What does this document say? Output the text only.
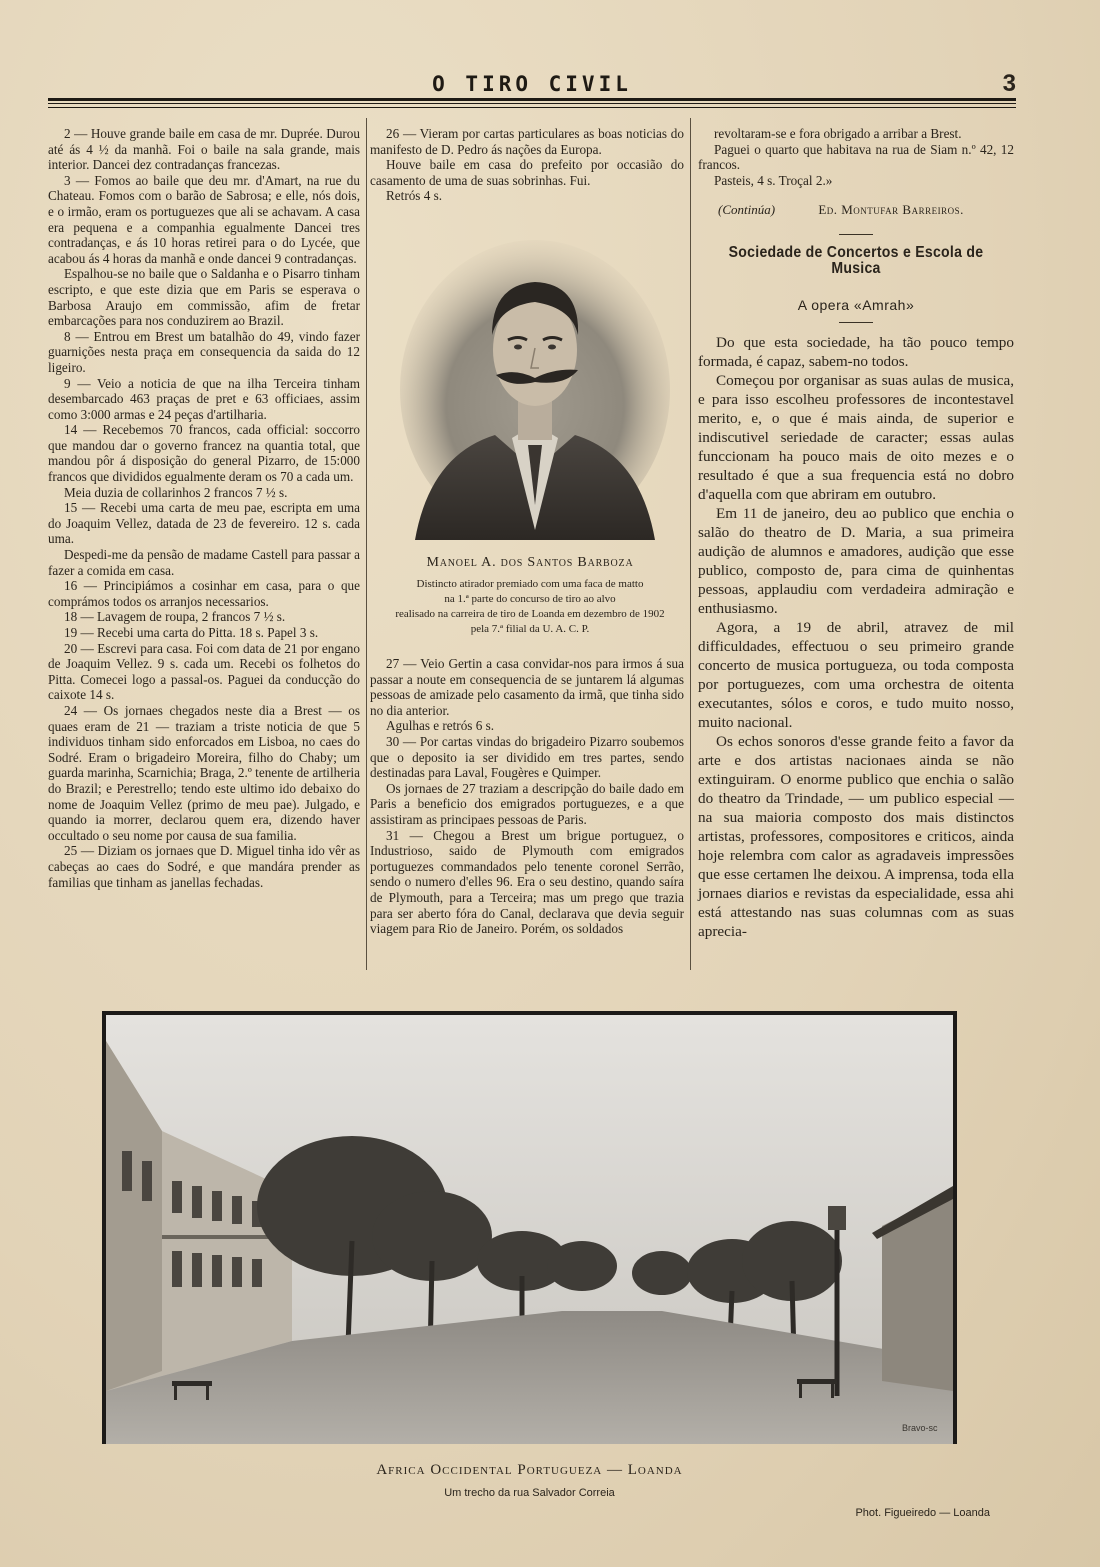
O TIRO CIVIL	3

2 — Houve grande baile em casa de mr. Duprée. Durou até ás 4 ½ da manhã. Foi o baile na sala grande, mais interior. Dancei dez contradanças francezas.

3 — Fomos ao baile que deu mr. d'Amart, na rue du Chateau. Fomos com o barão de Sabrosa; e elle, nós dois, e o irmão, eram os portuguezes que ali se achavam. A casa era pequena e a companhia egualmente Dancei tres contradanças, e ás 10 horas retirei para o do Lycée, que acabou ás 4 horas da manhã e onde dancei 9 contradanças.

Espalhou-se no baile que o Saldanha e o Pisarro tinham escripto, e que este dizia que em Paris se esperava o Barbosa Araujo em commissão, afim de fretar embarcações para nos conduzirem ao Brazil.

8 — Entrou em Brest um batalhão do 49, vindo fazer guarnições nesta praça em consequencia da saida do 12 ligeiro.

9 — Veio a noticia de que na ilha Terceira tinham desembarcado 463 praças de pret e 63 officiaes, assim como 3:000 armas e 24 peças d'artilharia.

14 — Recebemos 70 francos, cada official: soccorro que mandou dar o governo francez na quantia total, que mandou pôr á disposição do general Pizarro, de 15:000 francos que divididos egualmente deram os 70 a cada um.

Meia duzia de collarinhos 2 francos 7 ½ s.

15 — Recebi uma carta de meu pae, escripta em uma do Joaquim Vellez, datada de 23 de fevereiro. 12 s. cada uma.

Despedi-me da pensão de madame Castell para passar a fazer a comida em casa.

16 — Principiámos a cosinhar em casa, para o que comprámos todos os arranjos necessarios.

18 — Lavagem de roupa, 2 francos 7 ½ s.

19 — Recebi uma carta do Pitta. 18 s. Papel 3 s.

20 — Escrevi para casa. Foi com data de 21 por engano de Joaquim Vellez. 9 s. cada um. Recebi os folhetos do Pitta. Comecei logo a passal-os. Paguei da conducção do caixote 14 s.

24 — Os jornaes chegados neste dia a Brest — os quaes eram de 21 — traziam a triste noticia de que 5 individuos tinham sido enforcados em Lisboa, no caes do Sodré. Eram o brigadeiro Moreira, filho do Chaby; um guarda marinha, Scarnichia; Braga, 2.º tenente de artilheria do Brazil; e Perestrello; tendo este ultimo ido debaixo do nome de Joaquim Vellez (primo de meu pae). Julgado, e quando ia morrer, declarou quem era, dizendo haver occultado o seu nome por causa de sua familia.

25 — Diziam os jornaes que D. Miguel tinha ido vêr as cabeças ao caes do Sodré, e que mandára prender as familias que tinham as janellas fechadas.

26 — Vieram por cartas particulares as boas noticias do manifesto de D. Pedro ás nações da Europa.

Houve baile em casa do prefeito por occasião do casamento de uma de suas sobrinhas. Fui.

Retrós 4 s.

Manoel A. dos Santos Barboza
Distincto atirador premiado com uma faca de matto
na 1.ª parte do concurso de tiro ao alvo
realisado na carreira de tiro de Loanda em dezembro de 1902
pela 7.ª filial da U. A. C. P.

27 — Veio Gertin a casa convidar-nos para irmos á sua passar a noute em consequencia de se juntarem lá algumas pessoas de amizade pelo casamento da irmã, que tinha sido no dia anterior.

Agulhas e retrós 6 s.

30 — Por cartas vindas do brigadeiro Pizarro soubemos que o deposito ia ser dividido em tres partes, sendo destinadas para Laval, Fougères e Quimper.

Os jornaes de 27 traziam a descripção do baile dado em Paris a beneficio dos emigrados portuguezes, e a que assistiram as principaes pessoas de Paris.

31 — Chegou a Brest um brigue portuguez, o Industrioso, saido de Plymouth com emigrados portuguezes commandados pelo tenente coronel Serrão, sendo o numero d'elles 96. Era o seu destino, quando saíra de Plymouth, para a Terceira; mas um prego que trazia para ser aberto fóra do Canal, declarava que devia seguir viagem para Rio de Janeiro. Porém, os soldados

revoltaram-se e fora obrigado a arribar a Brest.

Paguei o quarto que habitava na rua de Siam n.º 42, 12 francos.

Pasteis, 4 s. Troçal 2.»

(Continúa)	Ed. Montufar Barreiros.
Sociedade de Concertos e Escola de Musica
A opera «Amrah»

Do que esta sociedade, ha tão pouco tempo formada, é capaz, sabem-no todos.

Começou por organisar as suas aulas de musica, e para isso escolheu professores de incontestavel merito, e, o que é mais ainda, de superior e indiscutivel seriedade de caracter; essas aulas funccionam ha pouco mais de oito mezes e o resultado é que a sua frequencia está no dobro d'aquella com que abriram em outubro.

Em 11 de janeiro, deu ao publico que enchia o salão do theatro de D. Maria, a sua primeira audição de alumnos e amadores, audição que esse publico, composto de, para cima de quinhentas pessoas, applaudiu com verdadeira admiração e enthusiasmo.

Agora, a 19 de abril, atravez de mil difficuldades, effectuou o seu primeiro grande concerto de musica portugueza, ou toda composta por portuguezes, com uma orchestra de oitenta executantes, sólos e coros, e tudo muito nosso, muito nacional.

Os echos sonoros d'esse grande feito a favor da arte e dos artistas nacionaes ainda se não extinguiram. O enorme publico que enchia o salão do theatro da Trindade, — um publico especial — na sua maioria composto dos mais distinctos artistas, professores, compositores e criticos, ainda hoje relembra com calor as agradaveis impressões que esse certamen lhe deixou. A imprensa, toda ella jornaes diarios e revistas da especialidade, essa ahi está attestando nas suas columnas com as suas aprecia-

Bravo-sc
Africa Occidental Portugueza — Loanda
Um trecho da rua Salvador Correia
Phot. Figueiredo — Loanda
